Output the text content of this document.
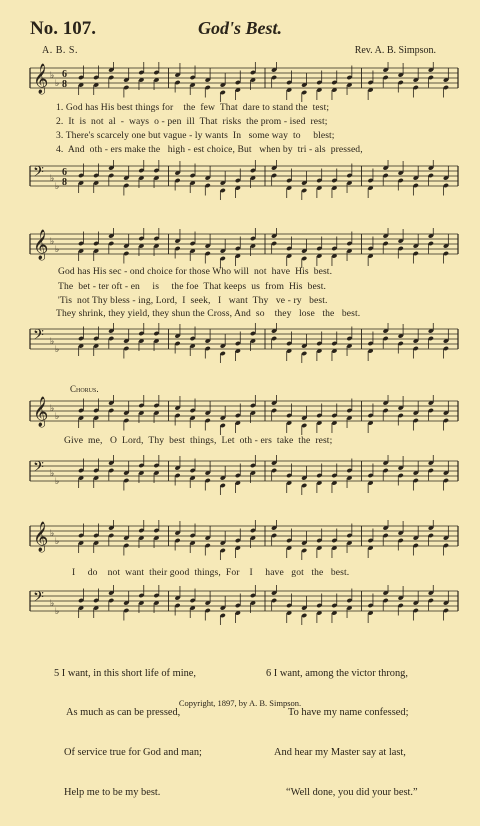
No. 107.	God's Best.
A. B. S.	Rev. A. B. Simpson.
𝄞 ♭
♭
6
8
1. God has His best things for    the  few  That  dare to stand the  test;
2.  It  is  not  al  -  ways  o - pen  ill  That  risks  the prom - ised  rest;
3. There's scarcely one but vague - ly wants  In   some way  to     blest;
4.  And  oth - ers make the   high - est choice, But   when by  tri - als  pressed,
𝄢 ♭
♭
6
8
𝄞 ♭
♭
God has His sec - ond choice for those Who will  not  have  His  best.
The  bet - ter oft - en     is     the foe  That keeps  us  from  His  best.
'Tis  not Thy bless - ing, Lord,  I  seek,   I   want  Thy   ve - ry   best.
They shrink, they yield, they shun the Cross, And  so    they   lose   the   best.
𝄢 ♭
♭
Chorus.
𝄞 ♭
♭
Give  me,   O  Lord,  Thy  best  things,  Let  oth - ers  take  the  rest;
𝄢 ♭
♭
𝄞 ♭
♭
I     do    not  want  their good  things,  For    I     have   got   the   best.
𝄢 ♭
♭

5 I want, in this short life of mine,

As much as can be pressed,

Of service true for God and man;

Help me to be my best.

6 I want, among the victor throng,

To have my name confessed;

And hear my Master say at last,

“Well done, you did your best.”

Copyright, 1897, by A. B. Simpson.
